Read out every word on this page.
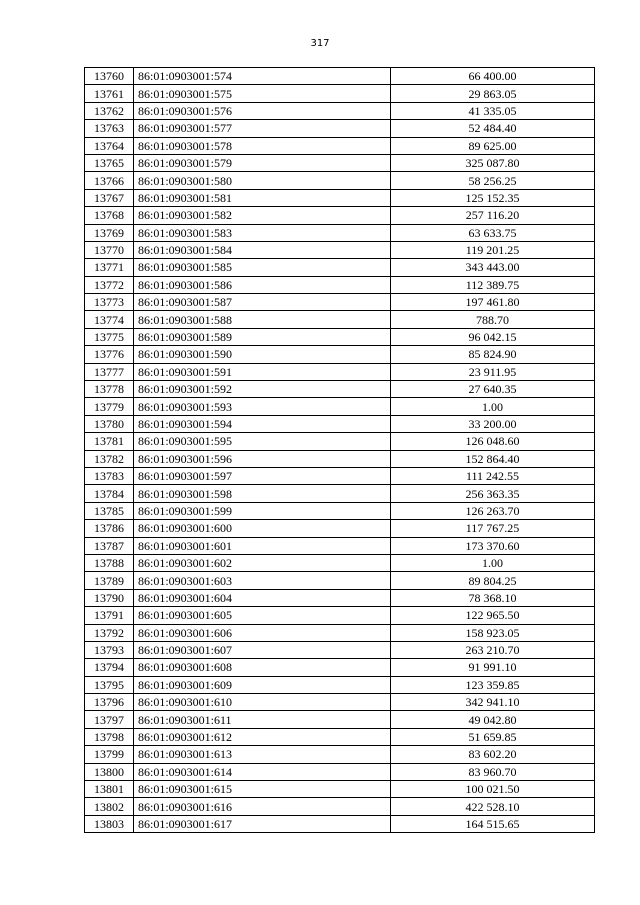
317
13760	86:01:0903001:574	66 400.00
13761	86:01:0903001:575	29 863.05
13762	86:01:0903001:576	41 335.05
13763	86:01:0903001:577	52 484.40
13764	86:01:0903001:578	89 625.00
13765	86:01:0903001:579	325 087.80
13766	86:01:0903001:580	58 256.25
13767	86:01:0903001:581	125 152.35
13768	86:01:0903001:582	257 116.20
13769	86:01:0903001:583	63 633.75
13770	86:01:0903001:584	119 201.25
13771	86:01:0903001:585	343 443.00
13772	86:01:0903001:586	112 389.75
13773	86:01:0903001:587	197 461.80
13774	86:01:0903001:588	788.70
13775	86:01:0903001:589	96 042.15
13776	86:01:0903001:590	85 824.90
13777	86:01:0903001:591	23 911.95
13778	86:01:0903001:592	27 640.35
13779	86:01:0903001:593	1.00
13780	86:01:0903001:594	33 200.00
13781	86:01:0903001:595	126 048.60
13782	86:01:0903001:596	152 864.40
13783	86:01:0903001:597	111 242.55
13784	86:01:0903001:598	256 363.35
13785	86:01:0903001:599	126 263.70
13786	86:01:0903001:600	117 767.25
13787	86:01:0903001:601	173 370.60
13788	86:01:0903001:602	1.00
13789	86:01:0903001:603	89 804.25
13790	86:01:0903001:604	78 368.10
13791	86:01:0903001:605	122 965.50
13792	86:01:0903001:606	158 923.05
13793	86:01:0903001:607	263 210.70
13794	86:01:0903001:608	91 991.10
13795	86:01:0903001:609	123 359.85
13796	86:01:0903001:610	342 941.10
13797	86:01:0903001:611	49 042.80
13798	86:01:0903001:612	51 659.85
13799	86:01:0903001:613	83 602.20
13800	86:01:0903001:614	83 960.70
13801	86:01:0903001:615	100 021.50
13802	86:01:0903001:616	422 528.10
13803	86:01:0903001:617	164 515.65
